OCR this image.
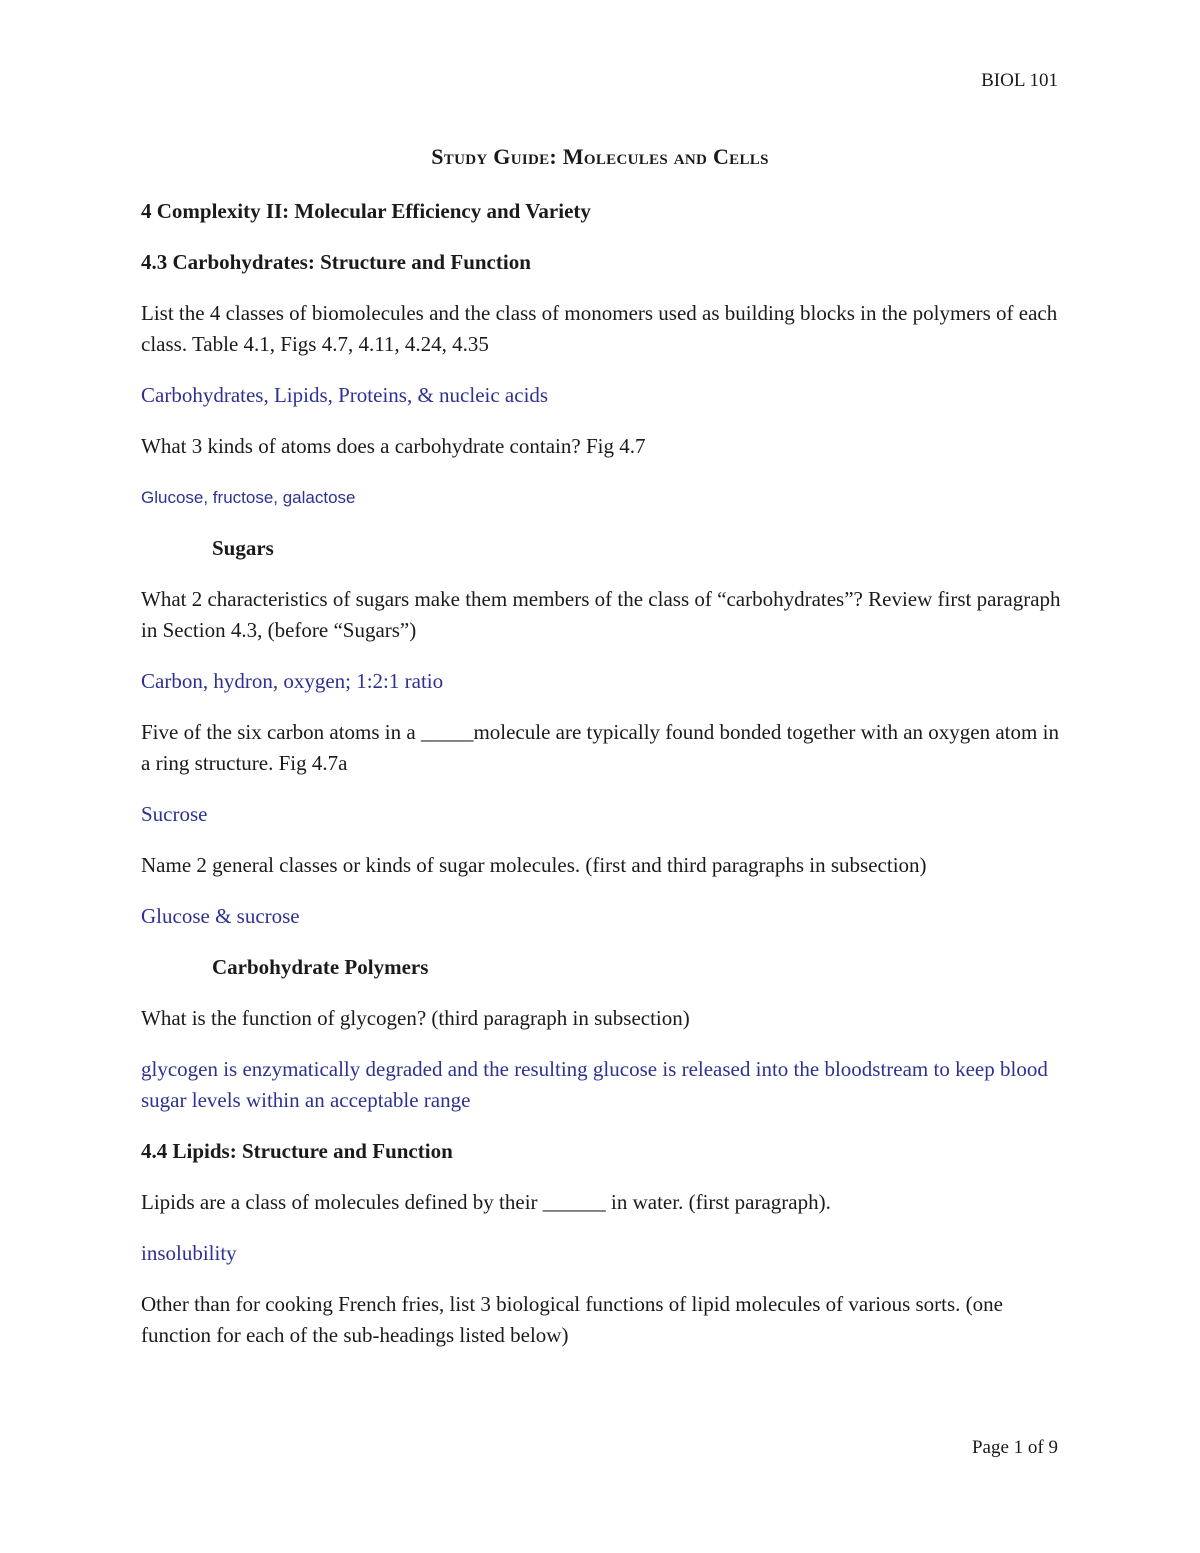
BIOL 101
Study Guide: Molecules and Cells

4 Complexity II: Molecular Efficiency and Variety

4.3 Carbohydrates: Structure and Function

List the 4 classes of biomolecules and the class of monomers used as building blocks in the polymers of each class. Table 4.1, Figs 4.7, 4.11, 4.24, 4.35

Carbohydrates, Lipids, Proteins, & nucleic acids

What 3 kinds of atoms does a carbohydrate contain? Fig 4.7

Glucose, fructose, galactose

Sugars

What 2 characteristics of sugars make them members of the class of “carbohydrates”? Review first paragraph in Section 4.3, (before “Sugars”)

Carbon, hydron, oxygen; 1:2:1 ratio

Five of the six carbon atoms in a _____molecule are typically found bonded together with an oxygen atom in a ring structure. Fig 4.7a

Sucrose

Name 2 general classes or kinds of sugar molecules. (first and third paragraphs in subsection)

Glucose & sucrose

Carbohydrate Polymers

What is the function of glycogen? (third paragraph in subsection)

glycogen is enzymatically degraded and the resulting glucose is released into the bloodstream to keep blood sugar levels within an acceptable range

4.4 Lipids: Structure and Function

Lipids are a class of molecules defined by their ______ in water. (first paragraph).

insolubility

Other than for cooking French fries, list 3 biological functions of lipid molecules of various sorts. (one function for each of the sub-headings listed below)

Page 1 of 9
